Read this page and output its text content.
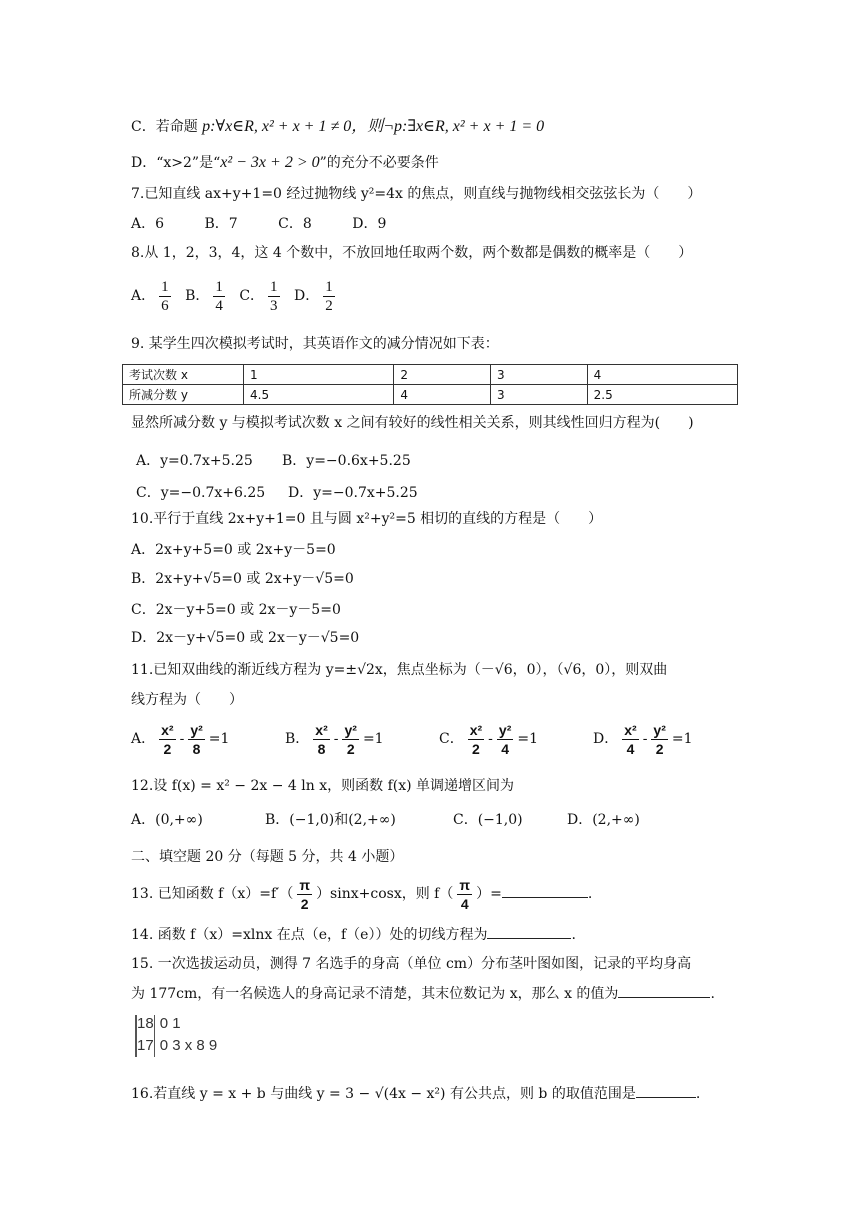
C．若命题 p:∀x∈R, x² + x + 1 ≠ 0，则¬p:∃x∈R, x² + x + 1 = 0
D．“x>2”是“x² − 3x + 2 > 0”的充分不必要条件
7.已知直线 ax+y+1=0 经过抛物线 y²=4x 的焦点，则直线与抛物线相交弦弦长为（　　）
A．6	B．7	C．8	D．9
8.从 1，2，3，4，这 4 个数中，不放回地任取两个数，两个数都是偶数的概率是（　　）
A． $\frac{1}{6}$ B． $\frac{1}{4}$ C． $\frac{1}{3}$ D． $\frac{1}{2}$
9. 某学生四次模拟考试时，其英语作文的减分情况如下表：
考试次数 x	1	2	3	4
所减分数 y	4.5	4	3	2.5
显然所减分数 y 与模拟考试次数 x 之间有较好的线性相关关系，则其线性回归方程为(　　)
A．y=0.7x+5.25 B．y=−0.6x+5.25
C．y=−0.7x+6.25 D．y=−0.7x+5.25
10.平行于直线 2x+y+1=0 且与圆 x²+y²=5 相切的直线的方程是（　　）
A．2x+y+5=0 或 2x+y－5=0
B．2x+y+√5=0 或 2x+y－√5=0
C．2x－y+5=0 或 2x－y－5=0
D．2x－y+√5=0 或 2x－y－√5=0
11.已知双曲线的渐近线方程为 y=±√2x，焦点坐标为（－√6，0），（√6，0），则双曲
线方程为（　　）
A． $\frac{\text{x²}}{2} - \frac{\text{y²}}{8} =1$	B． $\frac{\text{x²}}{8} - \frac{\text{y²}}{2} =1$	C． $\frac{\text{x²}}{2} - \frac{\text{y²}}{4} =1$	D． $\frac{\text{x²}}{4} - \frac{\text{y²}}{2} =1$
12.设 f(x) = x² − 2x − 4 ln x，则函数 f(x) 单调递增区间为
A．(0,+∞)	B．(−1,0)和(2,+∞)	C．(−1,0)	D．(2,+∞)
二、填空题 20 分（每题 5 分，共 4 小题）
13. 已知函数 $f(x)=f'( \frac{\pi}{2} )\sin x+\cos x$，则 $f( \frac{\pi}{4}$ ）=	.
14. 函数 f（x）=xlnx 在点（e，f（e））处的切线方程为	.
15. 一次选拔运动员，测得 7 名选手的身高（单位 cm）分布茎叶图如图，记录的平均身高
为 177cm，有一名候选人的身高记录不清楚，其末位数记为 x，那么 x 的值为	.
18 0 1
17 0 3 x 8 9
16.若直线 y = x + b 与曲线 y = 3 − √(4x − x²) 有公共点，则 b 的取值范围是	.
